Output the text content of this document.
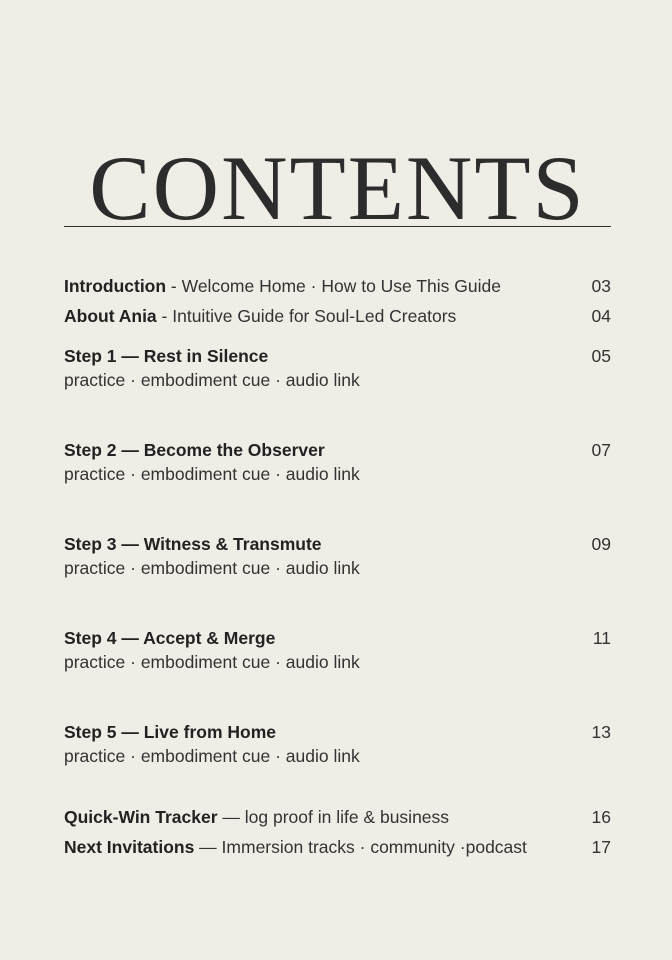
CONTENTS
Introduction - Welcome Home · How to Use This Guide	03
About Ania - Intuitive Guide for Soul-Led Creators	04
Step 1 — Rest in Silence	05
practice · embodiment cue · audio link
Step 2 — Become the Observer	07
practice · embodiment cue · audio link
Step 3 — Witness & Transmute	09
practice · embodiment cue · audio link
Step 4 — Accept & Merge	11
practice · embodiment cue · audio link
Step 5 — Live from Home	13
practice · embodiment cue · audio link
Quick-Win Tracker — log proof in life & business	16
Next Invitations — Immersion tracks · community ·podcast	17
